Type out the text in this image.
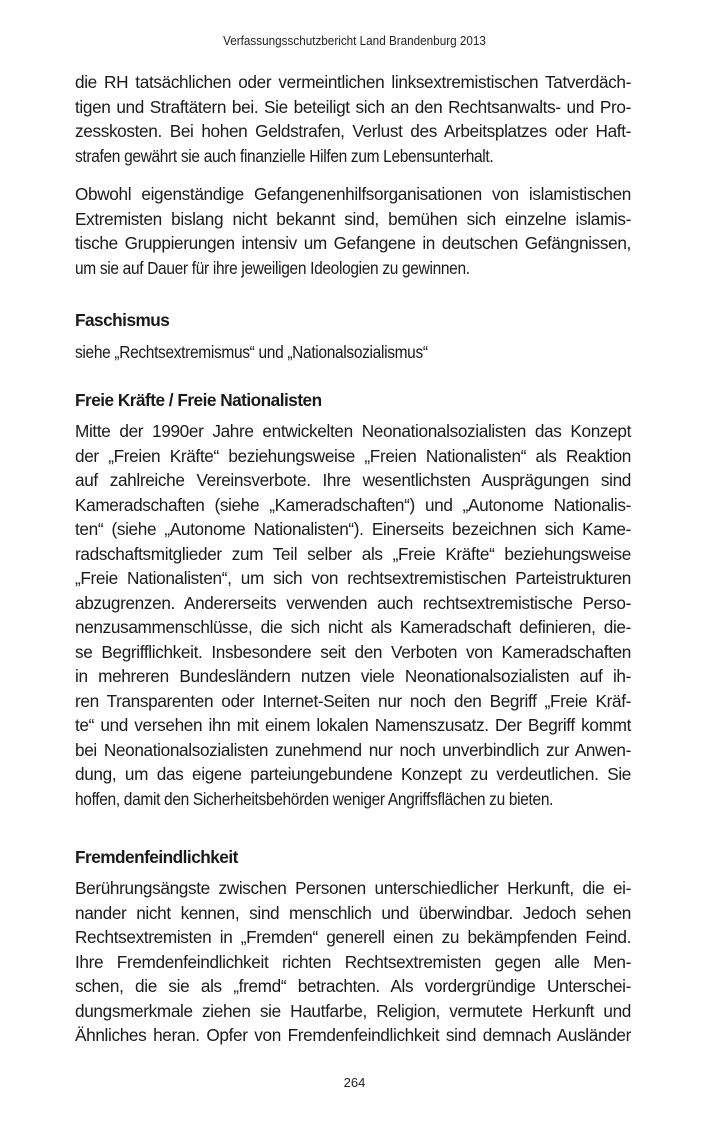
Verfassungsschutzbericht Land Brandenburg 2013
die RH tatsächlichen oder vermeintlichen linksextremistischen Tatverdäch-
tigen und Straftätern bei. Sie beteiligt sich an den Rechtsanwalts- und Pro-
zesskosten. Bei hohen Geldstrafen, Verlust des Arbeitsplatzes oder Haft-
strafen gewährt sie auch finanzielle Hilfen zum Lebensunterhalt.
Obwohl eigenständige Gefangenenhilfsorganisationen von islamistischen
Extremisten bislang nicht bekannt sind, bemühen sich einzelne islamis-
tische Gruppierungen intensiv um Gefangene in deutschen Gefängnissen,
um sie auf Dauer für ihre jeweiligen Ideologien zu gewinnen.
Faschismus
siehe „Rechtsextremismus“ und „Nationalsozialismus“
Freie Kräfte / Freie Nationalisten
Mitte der 1990er Jahre entwickelten Neonationalsozialisten das Konzept
der „Freien Kräfte“ beziehungsweise „Freien Nationalisten“ als Reaktion
auf zahlreiche Vereinsverbote. Ihre wesentlichsten Ausprägungen sind
Kameradschaften (siehe „Kameradschaften“) und „Autonome Nationalis-
ten“ (siehe „Autonome Nationalisten“). Einerseits bezeichnen sich Kame-
radschaftsmitglieder zum Teil selber als „Freie Kräfte“ beziehungsweise
„Freie Nationalisten“, um sich von rechtsextremistischen Parteistrukturen
abzugrenzen. Andererseits verwenden auch rechtsextremistische Perso-
nenzusammenschlüsse, die sich nicht als Kameradschaft definieren, die-
se Begrifflichkeit. Insbesondere seit den Verboten von Kameradschaften
in mehreren Bundesländern nutzen viele Neonationalsozialisten auf ih-
ren Transparenten oder Internet-Seiten nur noch den Begriff „Freie Kräf-
te“ und versehen ihn mit einem lokalen Namenszusatz. Der Begriff kommt
bei Neonationalsozialisten zunehmend nur noch unverbindlich zur Anwen-
dung, um das eigene parteiungebundene Konzept zu verdeutlichen. Sie
hoffen, damit den Sicherheitsbehörden weniger Angriffsflächen zu bieten.
Fremdenfeindlichkeit
Berührungsängste zwischen Personen unterschiedlicher Herkunft, die ei-
nander nicht kennen, sind menschlich und überwindbar. Jedoch sehen
Rechtsextremisten in „Fremden“ generell einen zu bekämpfenden Feind.
Ihre Fremdenfeindlichkeit richten Rechtsextremisten gegen alle Men-
schen, die sie als „fremd“ betrachten. Als vordergründige Unterschei-
dungsmerkmale ziehen sie Hautfarbe, Religion, vermutete Herkunft und
Ähnliches heran. Opfer von Fremdenfeindlichkeit sind demnach Ausländer
264
